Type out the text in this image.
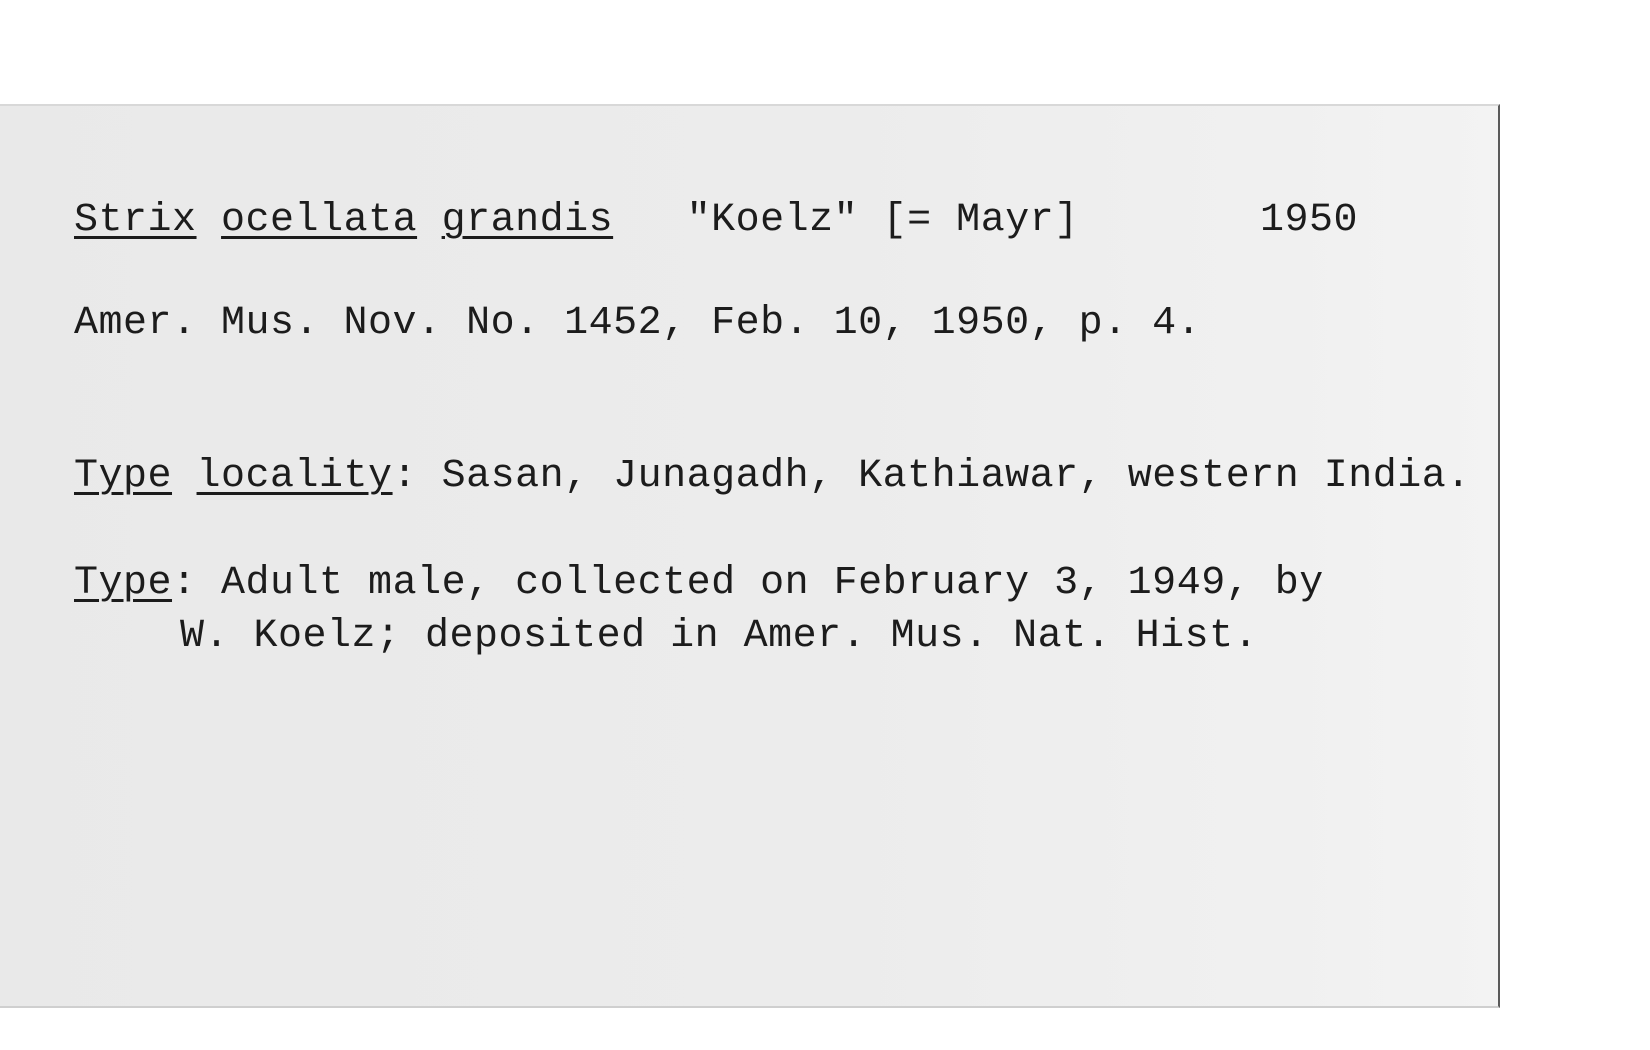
Strix ocellata grandis "Koelz" [= Mayr]	1950
Amer. Mus. Nov. No. 1452, Feb. 10, 1950, p. 4.
Type locality: Sasan, Junagadh, Kathiawar, western India.
Type: Adult male, collected on February 3, 1949, by
W. Koelz; deposited in Amer. Mus. Nat. Hist.
